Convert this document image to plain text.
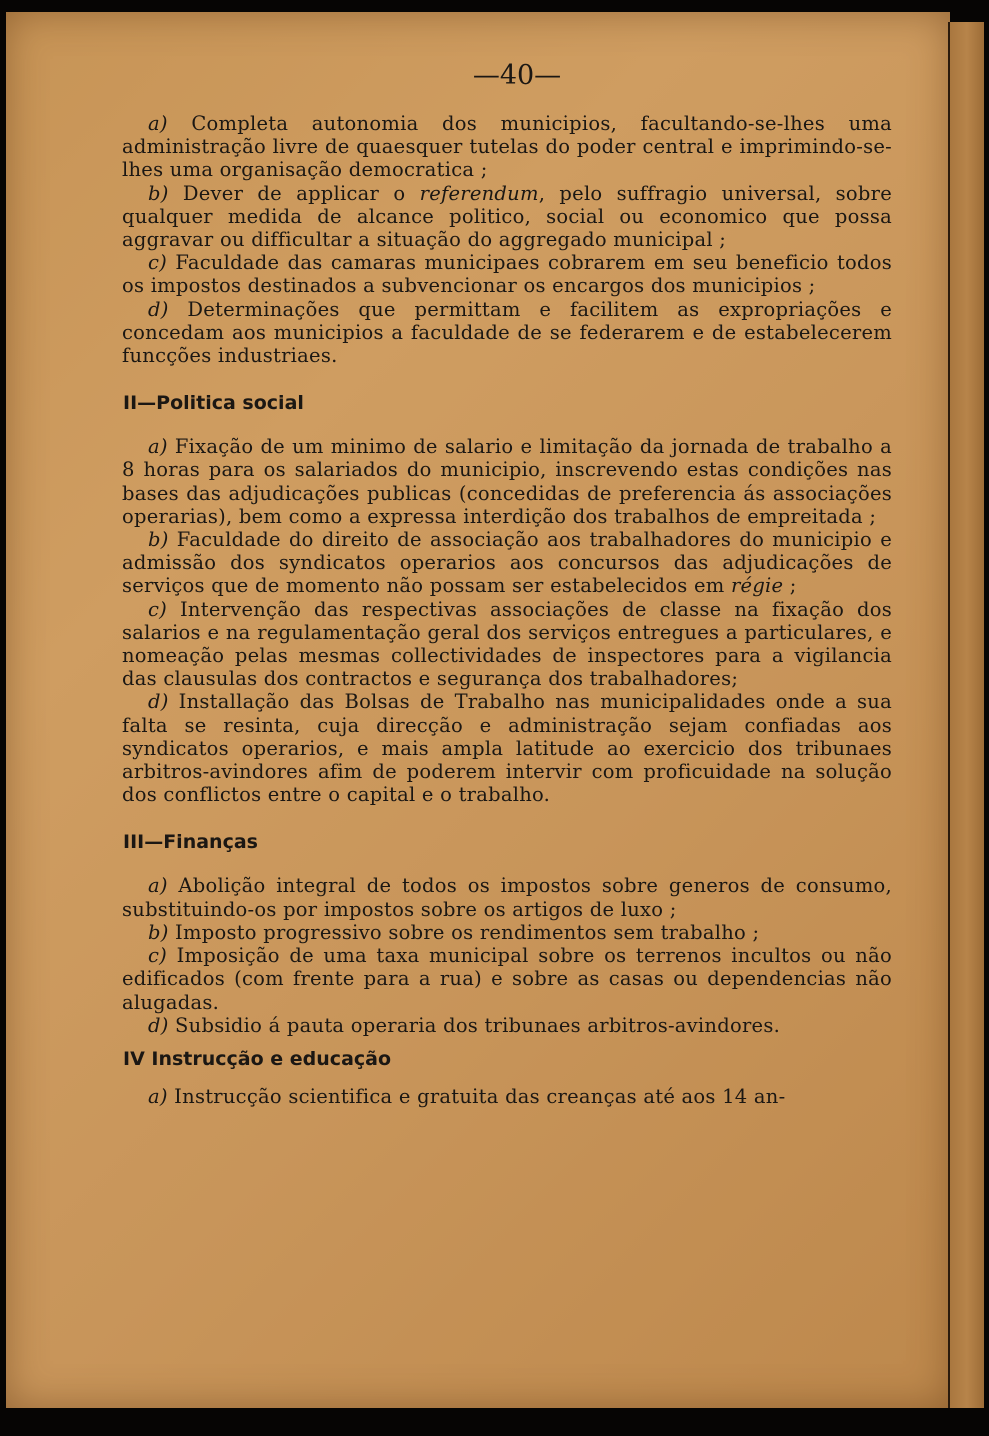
—40—

a) Completa autonomia dos municipios, facultando-se-lhes uma administração livre de quaesquer tutelas do poder central e imprimindo-se-lhes uma organisação democratica ;

b) Dever de applicar o referendum, pelo suffragio universal, sobre qualquer medida de alcance politico, social ou economico que possa aggravar ou difficultar a situação do aggregado municipal ;

c) Faculdade das camaras municipaes cobrarem em seu beneficio todos os impostos destinados a subvencionar os encargos dos municipios ;

d) Determinações que permittam e facilitem as expropriações e concedam aos municipios a faculdade de se federarem e de estabelecerem funcções industriaes.

II—Politica social

a) Fixação de um minimo de salario e limitação da jornada de trabalho a 8 horas para os salariados do municipio, inscrevendo estas condições nas bases das adjudicações publicas (concedidas de preferencia ás associações operarias), bem como a expressa interdição dos trabalhos de empreitada ;

b) Faculdade do direito de associação aos trabalhadores do municipio e admissão dos syndicatos operarios aos concursos das adjudicações de serviços que de momento não possam ser estabelecidos em régie ;

c) Intervenção das respectivas associações de classe na fixação dos salarios e na regulamentação geral dos serviços entregues a particulares, e nomeação pelas mesmas collectividades de inspectores para a vigilancia das clausulas dos contractos e segurança dos trabalhadores;

d) Installação das Bolsas de Trabalho nas municipalidades onde a sua falta se resinta, cuja direcção e administração sejam confiadas aos syndicatos operarios, e mais ampla latitude ao exercicio dos tribunaes arbitros-avindores afim de poderem intervir com proficuidade na solução dos conflictos entre o capital e o trabalho.

III—Finanças

a) Abolição integral de todos os impostos sobre generos de consumo, substituindo-os por impostos sobre os artigos de luxo ;

b) Imposto progressivo sobre os rendimentos sem trabalho ;

c) Imposição de uma taxa municipal sobre os terrenos incultos ou não edificados (com frente para a rua) e sobre as casas ou dependencias não alugadas.

d) Subsidio á pauta operaria dos tribunaes arbitros-avindores.

IV Instrucção e educação

a) Instrucção scientifica e gratuita das creanças até aos 14 an-
